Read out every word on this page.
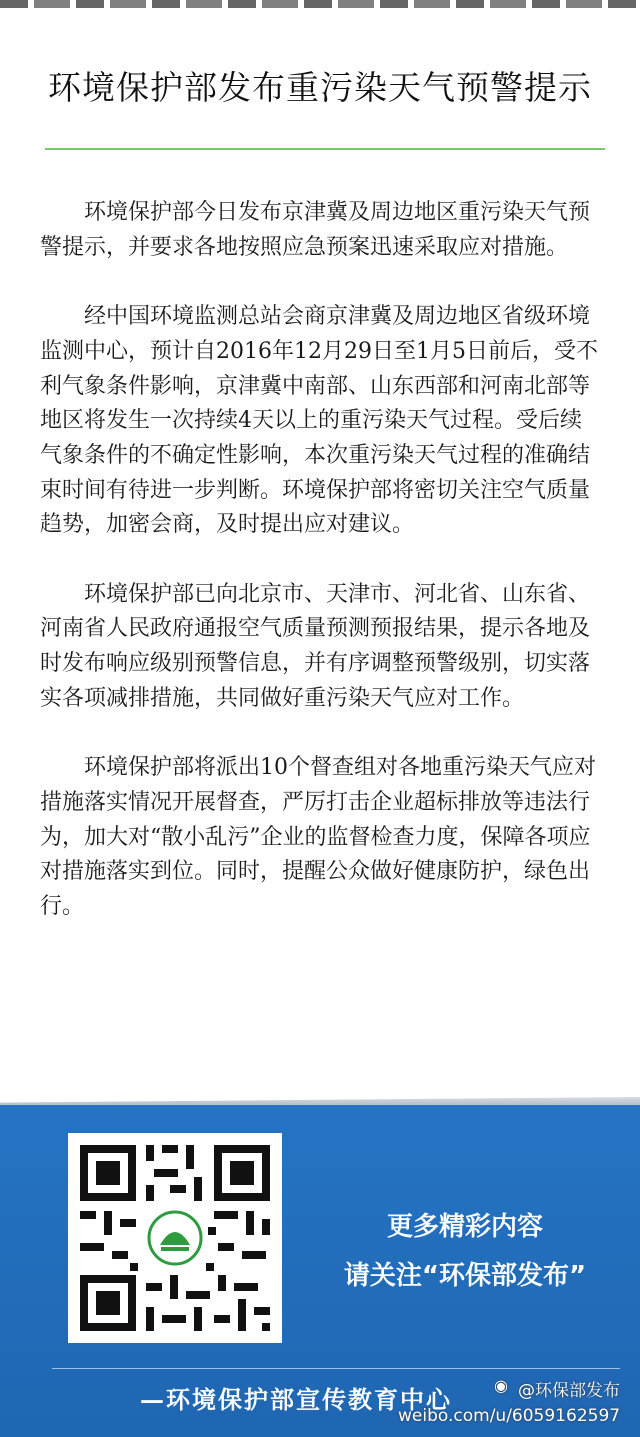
环境保护部发布重污染天气预警提示

环境保护部今日发布京津冀及周边地区重污染天气预警提示，并要求各地按照应急预案迅速采取应对措施。

经中国环境监测总站会商京津冀及周边地区省级环境监测中心，预计自2016年12月29日至1月5日前后，受不利气象条件影响，京津冀中南部、山东西部和河南北部等地区将发生一次持续4天以上的重污染天气过程。受后续气象条件的不确定性影响，本次重污染天气过程的准确结束时间有待进一步判断。环境保护部将密切关注空气质量趋势，加密会商，及时提出应对建议。

环境保护部已向北京市、天津市、河北省、山东省、河南省人民政府通报空气质量预测预报结果，提示各地及时发布响应级别预警信息，并有序调整预警级别，切实落实各项减排措施，共同做好重污染天气应对工作。

环境保护部将派出10个督查组对各地重污染天气应对措施落实情况开展督查，严厉打击企业超标排放等违法行为，加大对“散小乱污”企业的监督检查力度，保障各项应对措施落实到位。同时，提醒公众做好健康防护，绿色出行。

更多精彩内容
请关注“环保部发布”
—环境保护部宣传教育中心	◉ @环保部发布
weibo.com/u/6059162597
